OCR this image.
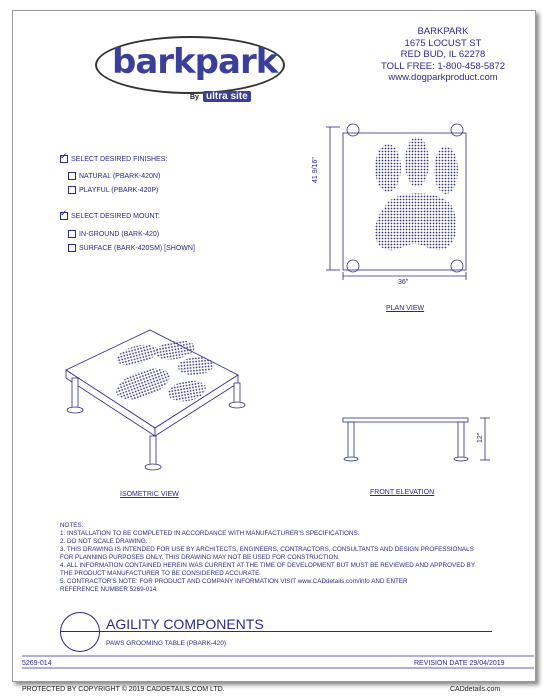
barkpark
By ultra site
BARKPARK
1675 LOCUST ST
RED BUD, IL 62278
TOLL FREE: 1-800-458-5872
www.dogparkproduct.com
✓SELECT DESIRED FINISHES:
NATURAL (PBARK-420N)
PLAYFUL (PBARK-420P)
✓SELECT DESIRED MOUNT:
IN-GROUND (BARK-420)
SURFACE (BARK-420SM) [SHOWN]
41 9/16"
36"
12"
PLAN VIEW
ISOMETRIC VIEW	FRONT ELEVATION
NOTES:
1. INSTALLATION TO BE COMPLETED IN ACCORDANCE WITH MANUFACTURER'S SPECIFICATIONS.
2. DO NOT SCALE DRAWING.
3. THIS DRAWING IS INTENDED FOR USE BY ARCHITECTS, ENGINEERS, CONTRACTORS, CONSULTANTS AND DESIGN PROFESSIONALS
FOR PLANNING PURPOSES ONLY. THIS DRAWING MAY NOT BE USED FOR CONSTRUCTION.
4. ALL INFORMATION CONTAINED HEREIN WAS CURRENT AT THE TIME OF DEVELOPMENT BUT MUST BE REVIEWED AND APPROVED BY
THE PRODUCT MANUFACTURER TO BE CONSIDERED ACCURATE.
5. CONTRACTOR'S NOTE: FOR PRODUCT AND COMPANY INFORMATION VISIT www.CADdetails.com/info AND ENTER
REFERENCE NUMBER 5269-014
AGILITY COMPONENTS
PAWS GROOMING TABLE (PBARK-420)
5269-014	REVISION DATE 29/04/2019
PROTECTED BY COPYRIGHT © 2019 CADDETAILS.COM LTD.	CADdetails.com
